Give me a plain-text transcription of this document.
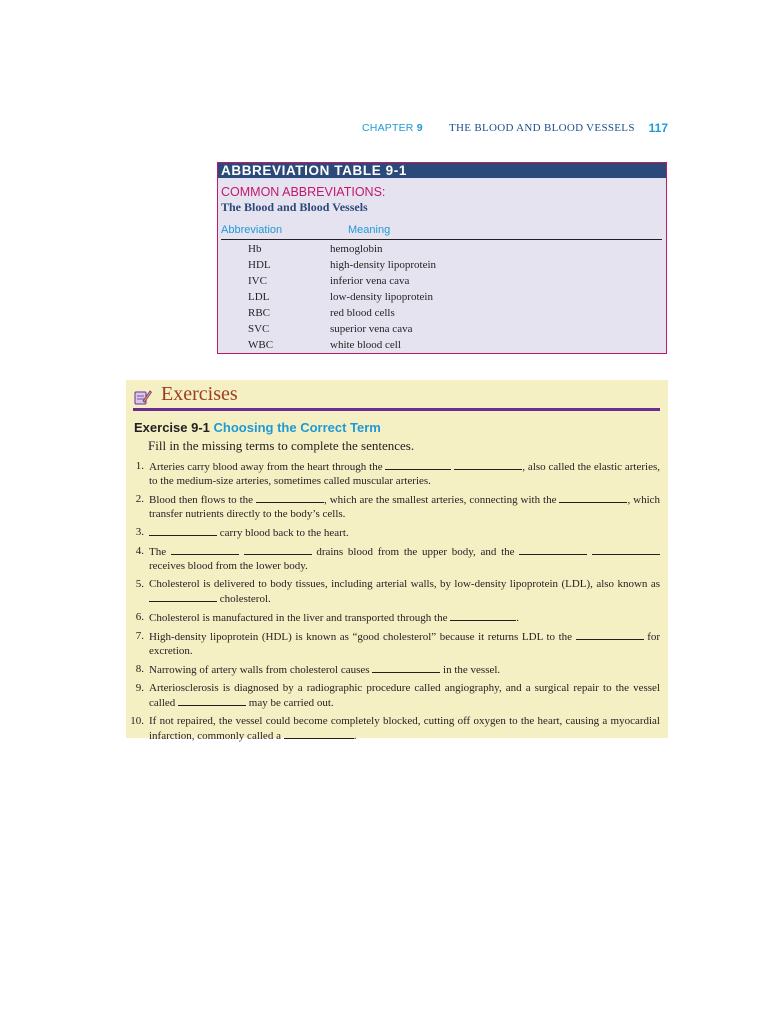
CHAPTER 9 THE BLOOD AND BLOOD VESSELS 117
ABBREVIATION TABLE 9-1
COMMON ABBREVIATIONS:
The Blood and Blood Vessels
Abbreviation	Meaning
Hb	hemoglobin
HDL	high-density lipoprotein
IVC	inferior vena cava
LDL	low-density lipoprotein
RBC	red blood cells
SVC	superior vena cava
WBC	white blood cell
Exercises
Exercise 9-1 Choosing the Correct Term
Fill in the missing terms to complete the sentences.
1. Arteries carry blood away from the heart through the	, also called the elastic arteries, to the medium-size arteries, sometimes called muscular arteries.
2. Blood then flows to the	, which are the smallest arteries, connecting with the	, which transfer nutrients directly to the body’s cells.
3.	carry blood back to the heart.
4. The	drains blood from the upper body, and the   receives blood from the lower body.
5. Cholesterol is delivered to body tissues, including arterial walls, by low-density lipoprotein (LDL), also known as  cholesterol.
6. Cholesterol is manufactured in the liver and transported through the	.
7. High-density lipoprotein (HDL) is known as “good cholesterol” because it returns LDL to the	for excretion.
8. Narrowing of artery walls from cholesterol causes	in the vessel.
9. Arteriosclerosis is diagnosed by a radiographic procedure called angiography, and a surgical repair to the vessel called	may be carried out.
10. If not repaired, the vessel could become completely blocked, cutting off oxygen to the heart, causing a myocardial infarction, commonly called a	.
